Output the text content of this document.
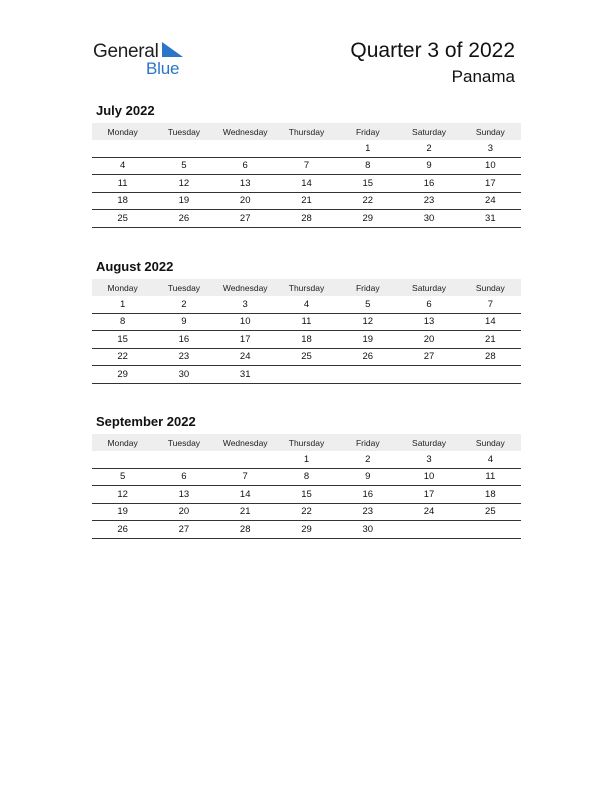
General
Blue
Quarter 3 of 2022
Panama
July 2022
Monday	Tuesday	Wednesday	Thursday	Friday	Saturday	Sunday
				1	2	3
4	5	6	7	8	9	10
11	12	13	14	15	16	17
18	19	20	21	22	23	24
25	26	27	28	29	30	31
August 2022
Monday	Tuesday	Wednesday	Thursday	Friday	Saturday	Sunday
1	2	3	4	5	6	7
8	9	10	11	12	13	14
15	16	17	18	19	20	21
22	23	24	25	26	27	28
29	30	31				
September 2022
Monday	Tuesday	Wednesday	Thursday	Friday	Saturday	Sunday
			1	2	3	4
5	6	7	8	9	10	11
12	13	14	15	16	17	18
19	20	21	22	23	24	25
26	27	28	29	30		
